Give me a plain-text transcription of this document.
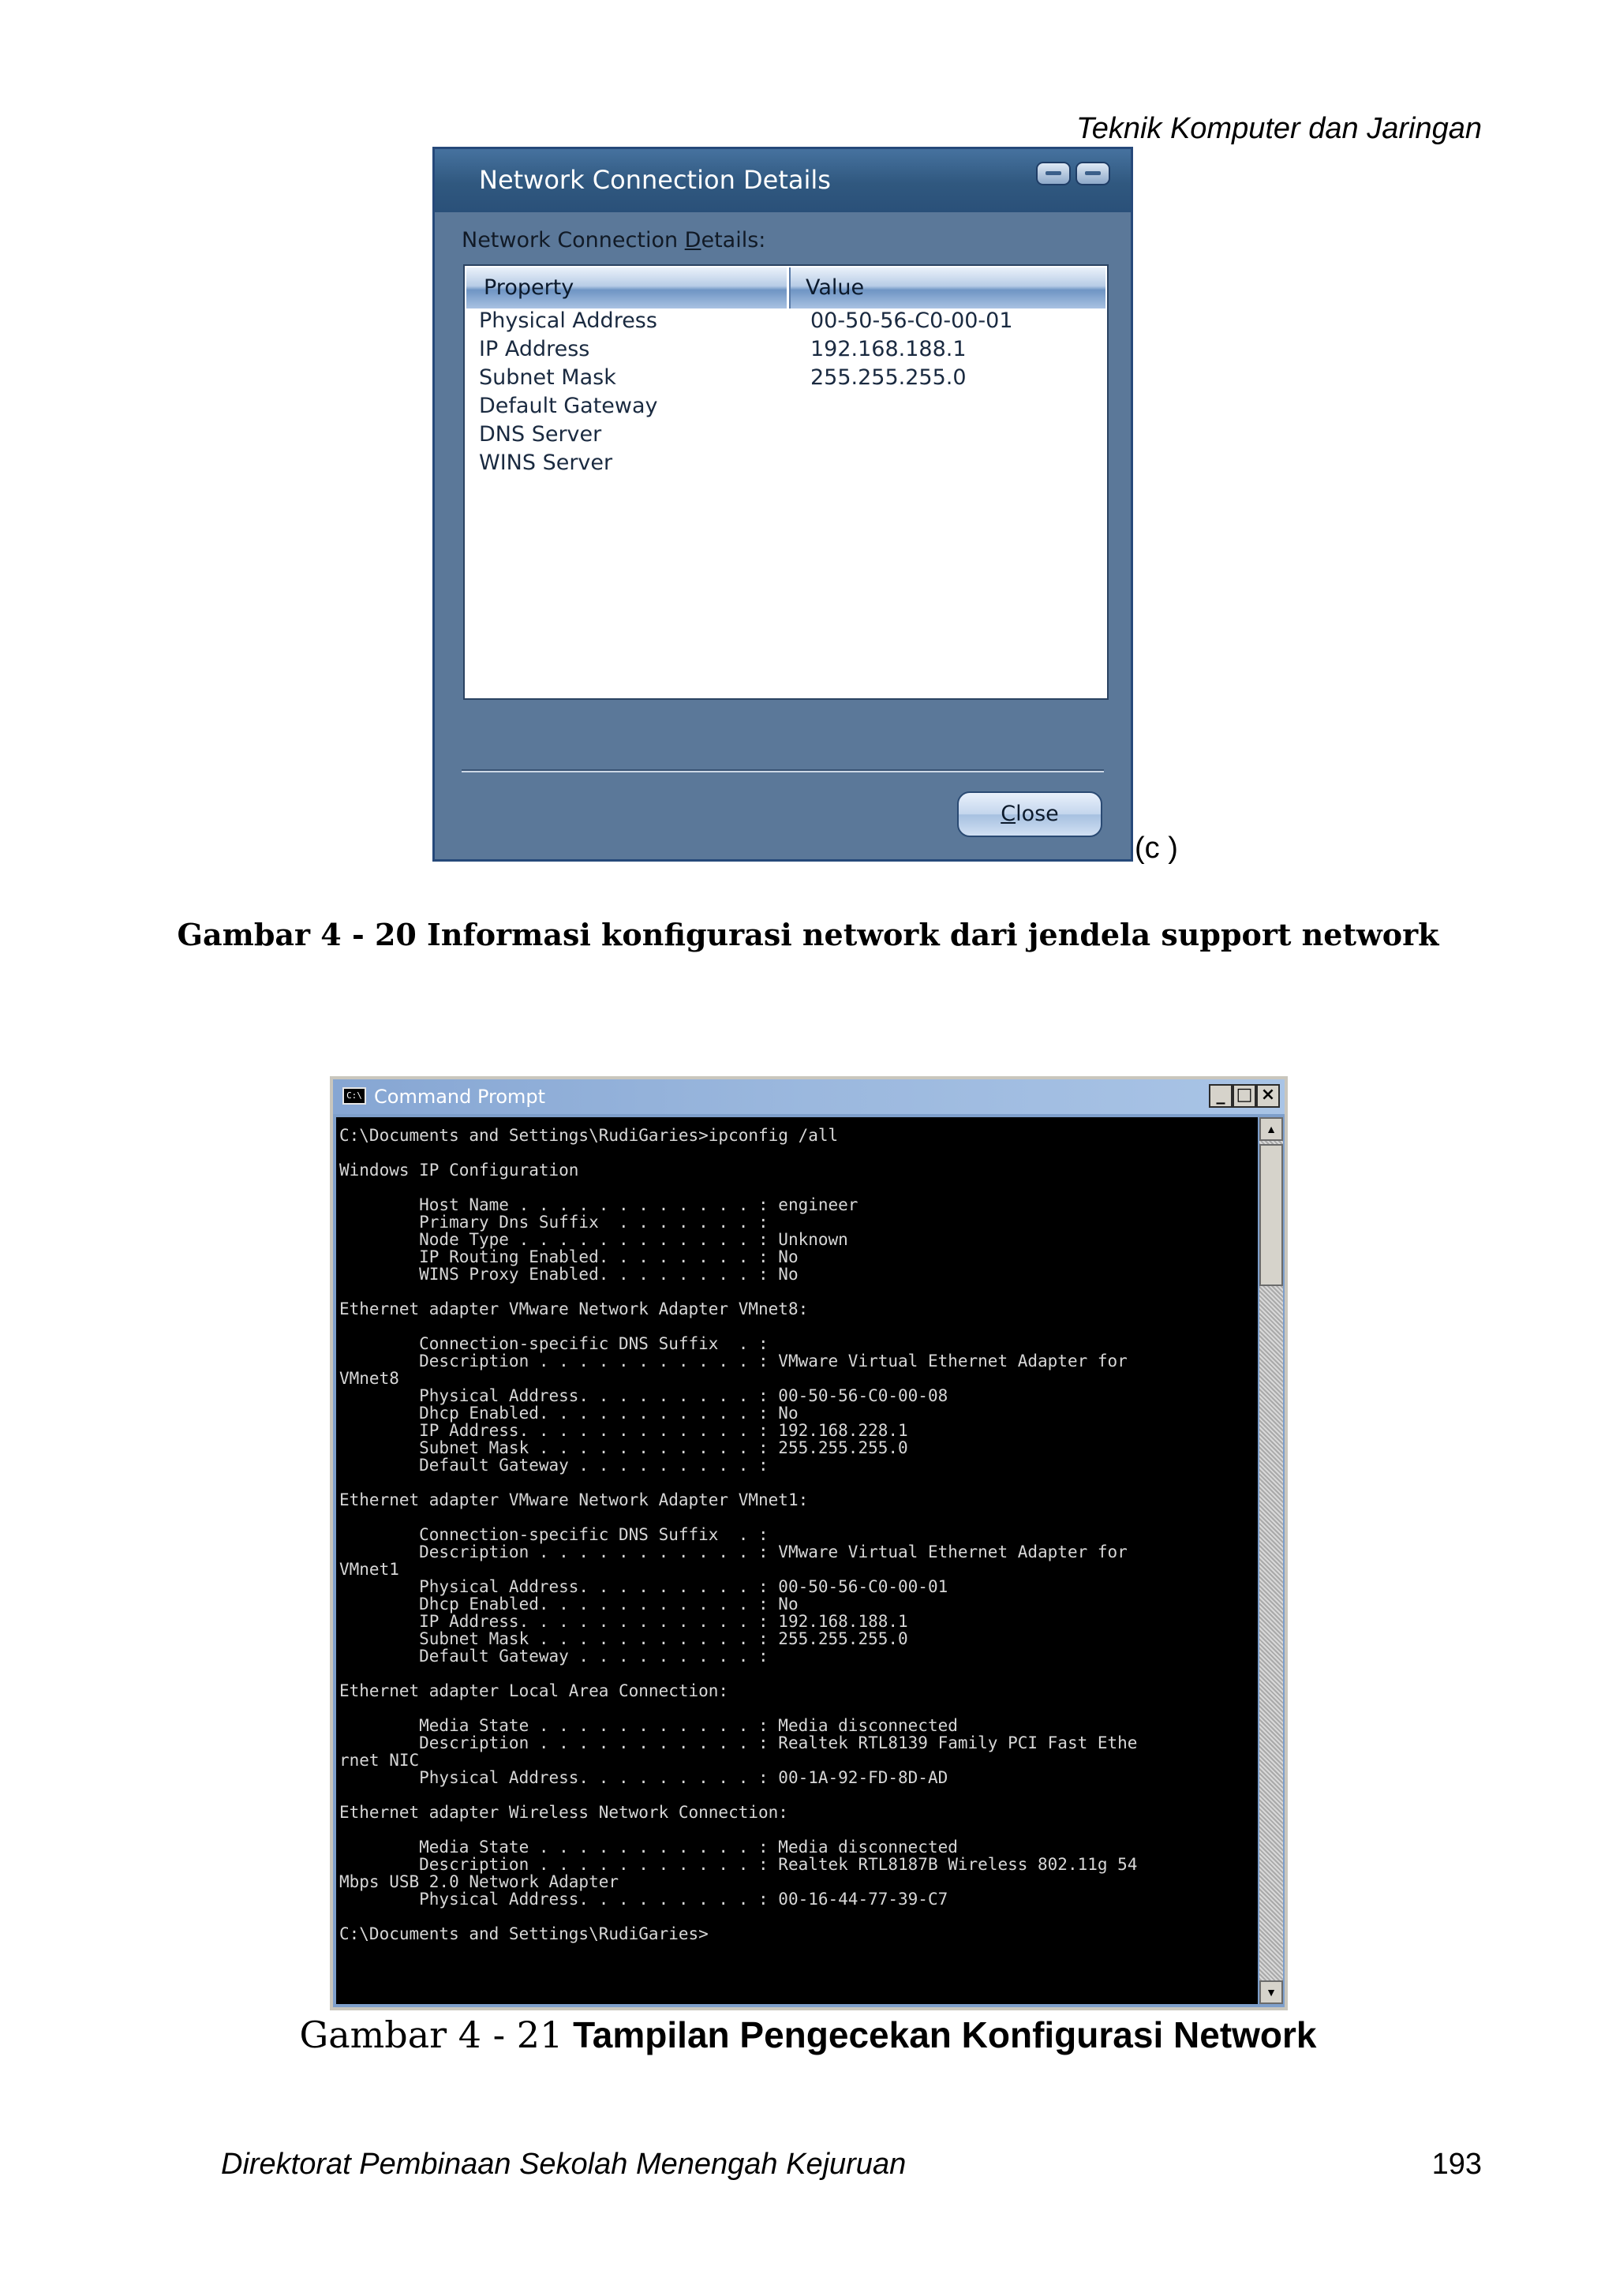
Teknik Komputer dan Jaringan
Network Connection Details
Network Connection Details:
Property	Value
Physical Address	00-50-56-C0-00-01
IP Address	192.168.188.1
Subnet Mask	255.255.255.0
Default Gateway
DNS Server
WINS Server
Close
(c )
Gambar 4 - 20 Informasi konfigurasi network dari jendela support network
C:\ Command Prompt	_ □ ×
C:\Documents and Settings\RudiGaries>ipconfig /all

Windows IP Configuration

Host Name . . . . . . . . . . . . : engineer
Primary Dns Suffix  . . . . . . . :
Node Type . . . . . . . . . . . . : Unknown
IP Routing Enabled. . . . . . . . : No
WINS Proxy Enabled. . . . . . . . : No

Ethernet adapter VMware Network Adapter VMnet8:

Connection-specific DNS Suffix  . :
Description . . . . . . . . . . . : VMware Virtual Ethernet Adapter for
VMnet8
Physical Address. . . . . . . . . : 00-50-56-C0-00-08
Dhcp Enabled. . . . . . . . . . . : No
IP Address. . . . . . . . . . . . : 192.168.228.1
Subnet Mask . . . . . . . . . . . : 255.255.255.0
Default Gateway . . . . . . . . . :

Ethernet adapter VMware Network Adapter VMnet1:

Connection-specific DNS Suffix  . :
Description . . . . . . . . . . . : VMware Virtual Ethernet Adapter for
VMnet1
Physical Address. . . . . . . . . : 00-50-56-C0-00-01
Dhcp Enabled. . . . . . . . . . . : No
IP Address. . . . . . . . . . . . : 192.168.188.1
Subnet Mask . . . . . . . . . . . : 255.255.255.0
Default Gateway . . . . . . . . . :

Ethernet adapter Local Area Connection:

Media State . . . . . . . . . . . : Media disconnected
Description . . . . . . . . . . . : Realtek RTL8139 Family PCI Fast Ethe
rnet NIC
Physical Address. . . . . . . . . : 00-1A-92-FD-8D-AD

Ethernet adapter Wireless Network Connection:

Media State . . . . . . . . . . . : Media disconnected
Description . . . . . . . . . . . : Realtek RTL8187B Wireless 802.11g 54
Mbps USB 2.0 Network Adapter
Physical Address. . . . . . . . . : 00-16-44-77-39-C7

C:\Documents and Settings\RudiGaries>
▲
▼
Gambar 4 - 21 Tampilan Pengecekan Konfigurasi Network
Direktorat Pembinaan Sekolah Menengah Kejuruan	193
